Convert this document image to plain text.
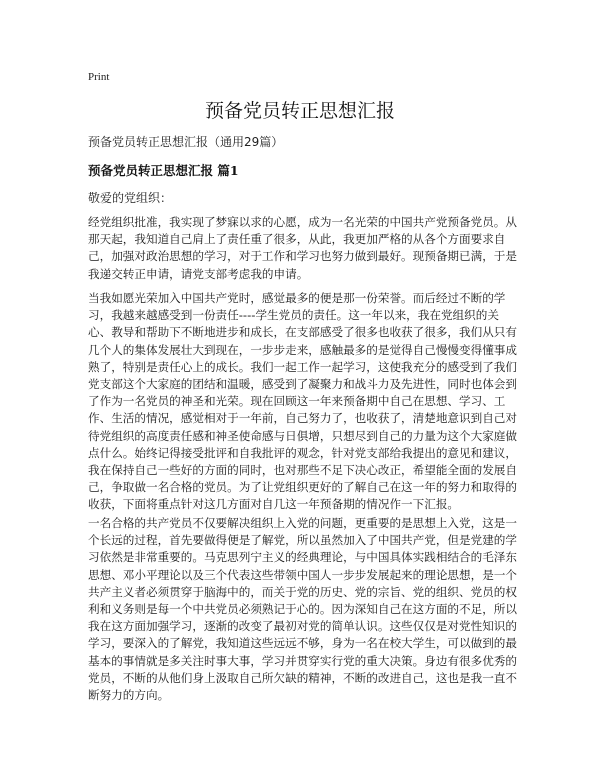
Print
预备党员转正思想汇报
预备党员转正思想汇报（通用29篇）
预备党员转正思想汇报 篇1
敬爱的党组织：

经党组织批准，我实现了梦寐以求的心愿，成为一名光荣的中国共产党预备党员。从那天起，我知道自己肩上了责任重了很多，从此，我更加严格的从各个方面要求自己，加强对政治思想的学习，对于工作和学习也努力做到最好。现预备期已满，于是我递交转正申请，请党支部考虑我的申请。

当我如愿光荣加入中国共产党时，感觉最多的便是那一份荣誉。而后经过不断的学习，我越来越感受到一份责任----学生党员的责任。这一年以来，我在党组织的关心、教导和帮助下不断地进步和成长，在支部感受了很多也收获了很多，我们从只有几个人的集体发展壮大到现在，一步步走来，感触最多的是觉得自己慢慢变得懂事成熟了，特别是责任心上的成长。我们一起工作一起学习，这使我充分的感受到了我们党支部这个大家庭的团结和温暖，感受到了凝聚力和战斗力及先进性，同时也体会到了作为一名党员的神圣和光荣。现在回顾这一年来预备期中自己在思想、学习、工作、生活的情况，感觉相对于一年前，自己努力了，也收获了，清楚地意识到自己对待党组织的高度责任感和神圣使命感与日俱增，只想尽到自己的力量为这个大家庭做点什么。始终记得接受批评和自我批评的观念，针对党支部给我提出的意见和建议，我在保持自己一些好的方面的同时，也对那些不足下决心改正，希望能全面的发展自己，争取做一名合格的党员。为了让党组织更好的了解自己在这一年的努力和取得的收获，下面将重点针对这几方面对自几这一年预备期的情况作一下汇报。

一名合格的共产党员不仅要解决组织上入党的问题，更重要的是思想上入党，这是一个长远的过程，首先要做得便是了解党，所以虽然加入了中国共产党，但是党建的学习依然是非常重要的。马克思列宁主义的经典理论，与中国具体实践相结合的毛泽东思想、邓小平理论以及三个代表这些带领中国人一步步发展起来的理论思想，是一个共产主义者必须贯穿于脑海中的，而关于党的历史、党的宗旨、党的组织、党员的权利和义务则是每一个中共党员必须熟记于心的。因为深知自己在这方面的不足，所以我在这方面加强学习，逐渐的改变了最初对党的简单认识。这些仅仅是对党性知识的学习，要深入的了解党，我知道这些远远不够，身为一名在校大学生，可以做到的最基本的事情就是多关注时事大事，学习并贯穿实行党的重大决策。身边有很多优秀的党员，不断的从他们身上汲取自己所欠缺的精神，不断的改进自己，这也是我一直不断努力的方向。
